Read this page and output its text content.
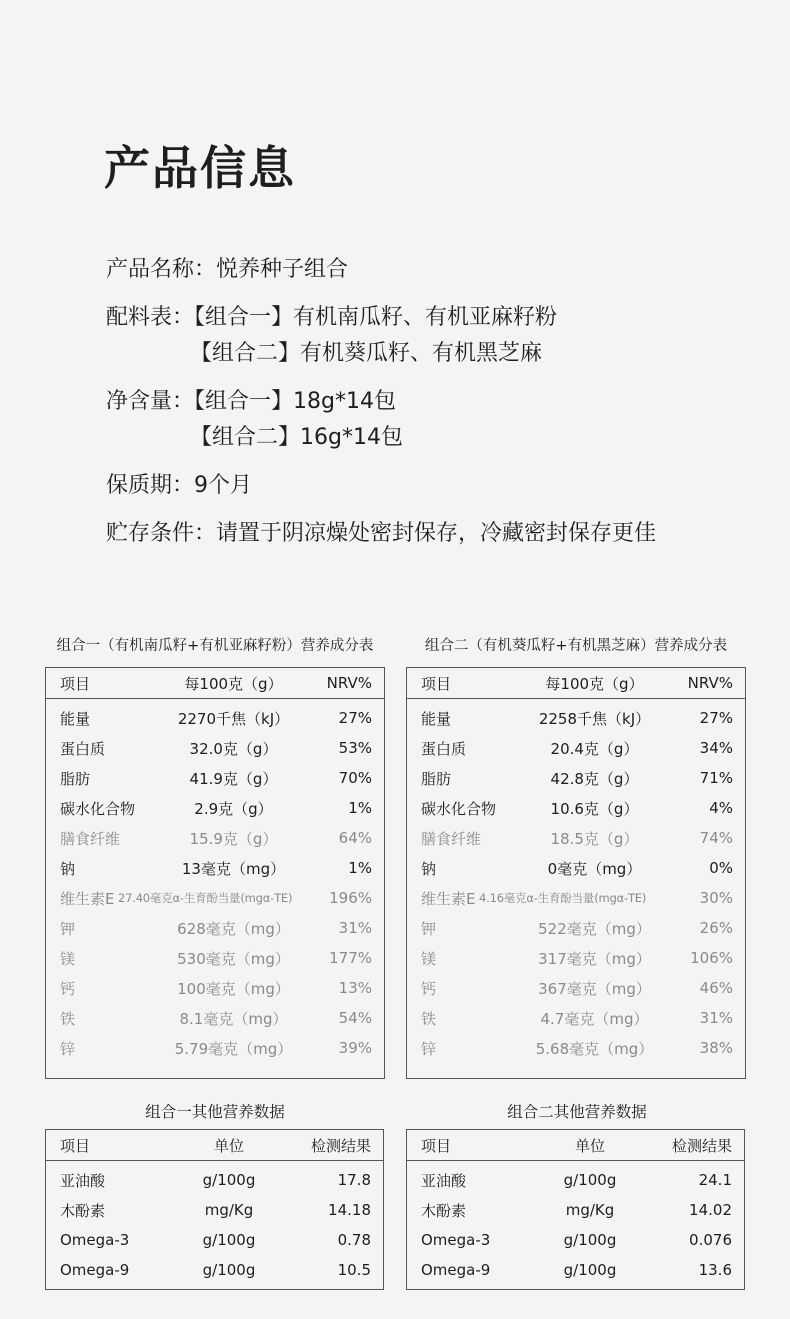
产品信息
产品名称：悦养种子组合
配料表：【组合一】有机南瓜籽、有机亚麻籽粉
【组合二】有机葵瓜籽、有机黑芝麻
净含量：【组合一】18g*14包
【组合二】16g*14包
保质期：9个月
贮存条件：请置于阴凉燥处密封保存，冷藏密封保存更佳
组合一（有机南瓜籽+有机亚麻籽粉）营养成分表
项目	每100克（g）	NRV%
能量	2270千焦（kJ）	27%
蛋白质	32.0克（g）	53%
脂肪	41.9克（g）	70%
碳水化合物	2.9克（g）	1%
膳食纤维	15.9克（g）	64%
钠	13毫克（mg）	1%
维生素E 27.40毫克α-生育酚当量(mgα-TE)	196%
钾	628毫克（mg）	31%
镁	530毫克（mg）	177%
钙	100毫克（mg）	13%
铁	8.1毫克（mg）	54%
锌	5.79毫克（mg）	39%
组合二（有机葵瓜籽+有机黑芝麻）营养成分表
项目	每100克（g）	NRV%
能量	2258千焦（kJ）	27%
蛋白质	20.4克（g）	34%
脂肪	42.8克（g）	71%
碳水化合物	10.6克（g）	4%
膳食纤维	18.5克（g）	74%
钠	0毫克（mg）	0%
维生素E 4.16毫克α-生育酚当量(mgα-TE)	30%
钾	522毫克（mg）	26%
镁	317毫克（mg）	106%
钙	367毫克（mg）	46%
铁	4.7毫克（mg）	31%
锌	5.68毫克（mg）	38%
组合一其他营养数据
项目	单位	检测结果
亚油酸	g/100g	17.8
木酚素	mg/Kg	14.18
Omega-3	g/100g	0.78
Omega-9	g/100g	10.5
组合二其他营养数据
项目	单位	检测结果
亚油酸	g/100g	24.1
木酚素	mg/Kg	14.02
Omega-3	g/100g	0.076
Omega-9	g/100g	13.6
